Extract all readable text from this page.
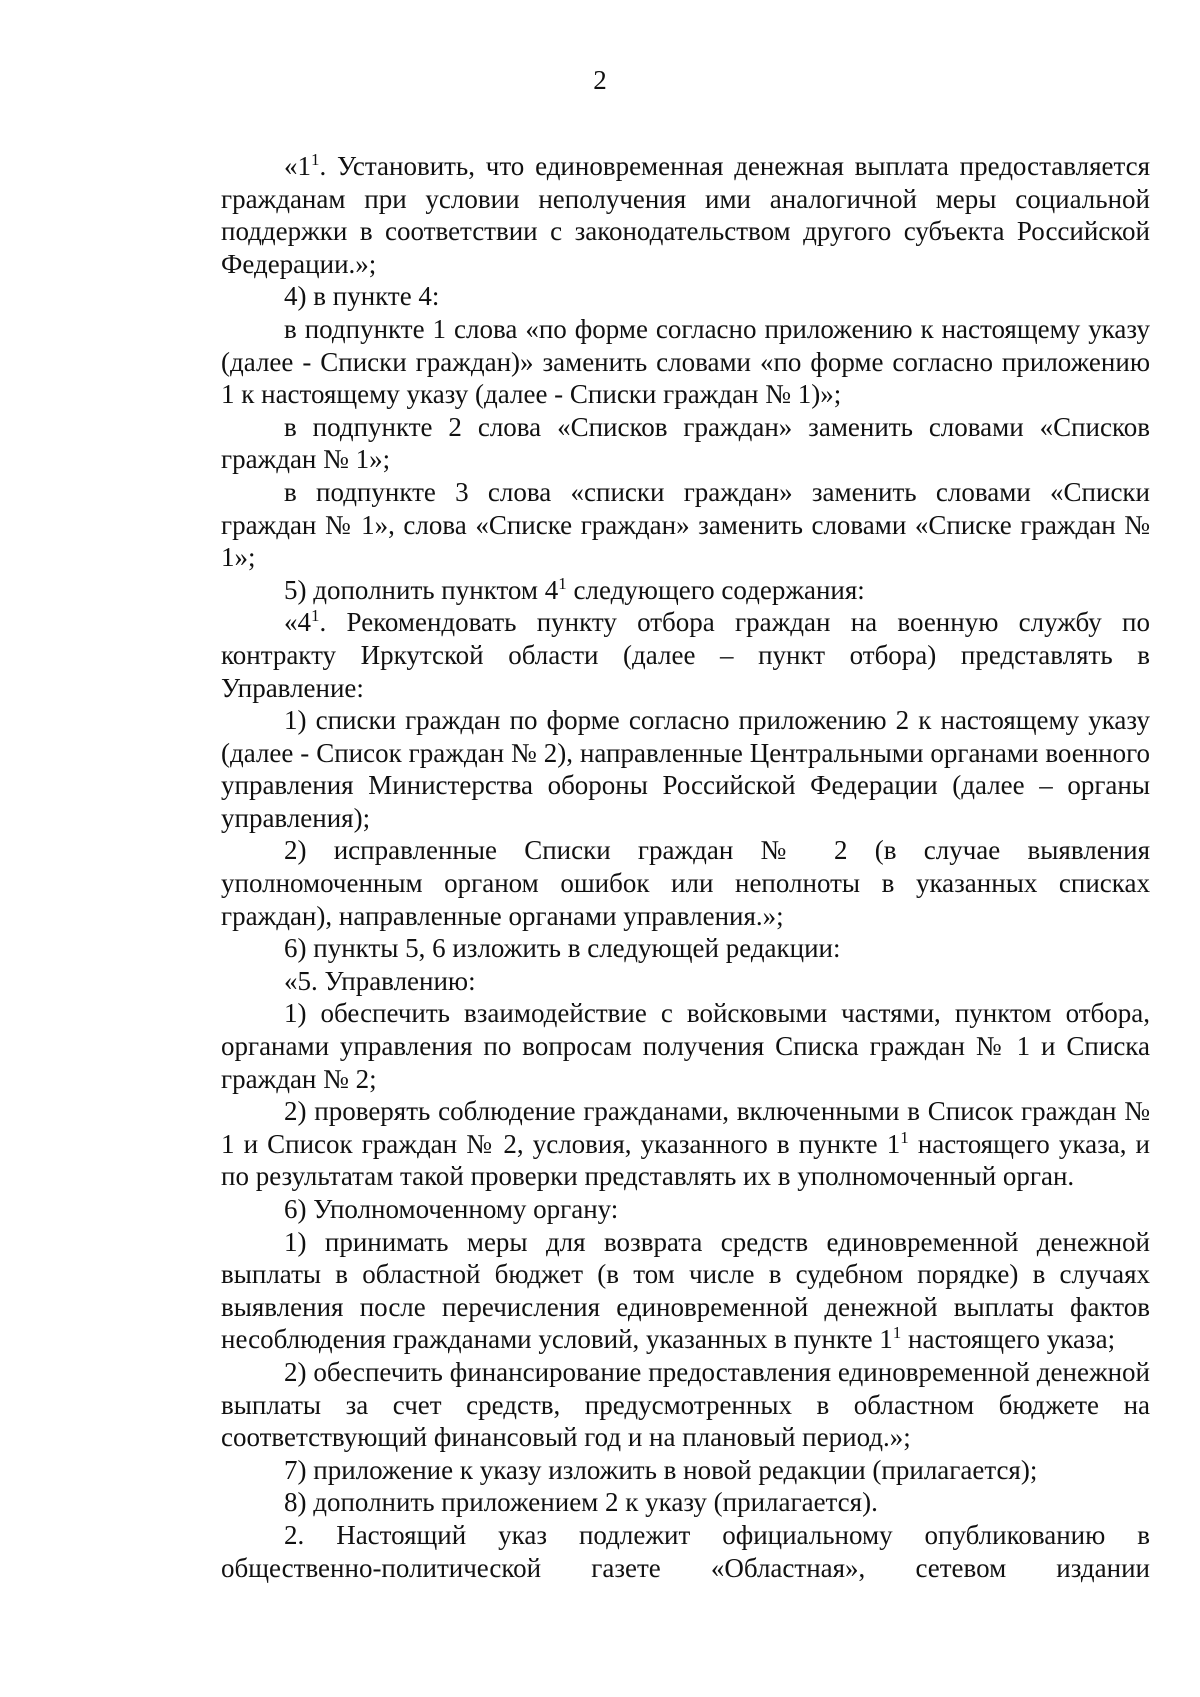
2

«$1^1$. Установить, что единовременная денежная выплата предоставляется гражданам при условии неполучения ими аналогичной меры социальной поддержки в соответствии с законодательством другого субъекта Российской Федерации.»;

4) в пункте 4:

в подпункте 1 слова «по форме согласно приложению к настоящему указу (далее - Списки граждан)» заменить словами «по форме согласно приложению 1 к настоящему указу (далее - Списки граждан № 1)»;

в подпункте 2 слова «Списков граждан» заменить словами «Списков граждан № 1»;

в подпункте 3 слова «списки граждан» заменить словами «Списки граждан № 1», слова «Списке граждан» заменить словами «Списке граждан № 1»;

5) дополнить пунктом $4^1$ следующего содержания:

«$4^1$. Рекомендовать пункту отбора граждан на военную службу по контракту Иркутской области (далее – пункт отбора) представлять в Управление:

1) списки граждан по форме согласно приложению 2 к настоящему указу (далее - Список граждан № 2), направленные Центральными органами военного управления Министерства обороны Российской Федерации (далее – органы управления);

2) исправленные Списки граждан № 2 (в случае выявления уполномоченным органом ошибок или неполноты в указанных списках граждан), направленные органами управления.»;

6) пункты 5, 6 изложить в следующей редакции:

«5. Управлению:

1) обеспечить взаимодействие с войсковыми частями, пунктом отбора, органами управления по вопросам получения Списка граждан № 1 и Списка граждан № 2;

2) проверять соблюдение гражданами, включенными в Список граждан № 1 и Список граждан № 2, условия, указанного в пункте $1^1$ настоящего указа, и по результатам такой проверки представлять их в уполномоченный орган.

6) Уполномоченному органу:

1) принимать меры для возврата средств единовременной денежной выплаты в областной бюджет (в том числе в судебном порядке) в случаях выявления после перечисления единовременной денежной выплаты фактов несоблюдения гражданами условий, указанных в пункте $1^1$ настоящего указа;

2) обеспечить финансирование предоставления единовременной денежной выплаты за счет средств, предусмотренных в областном бюджете на соответствующий финансовый год и на плановый период.»;

7) приложение к указу изложить в новой редакции (прилагается);

8) дополнить приложением 2 к указу (прилагается).

2. Настоящий указ подлежит официальному опубликованию в общественно-политической газете «Областная», сетевом издании
